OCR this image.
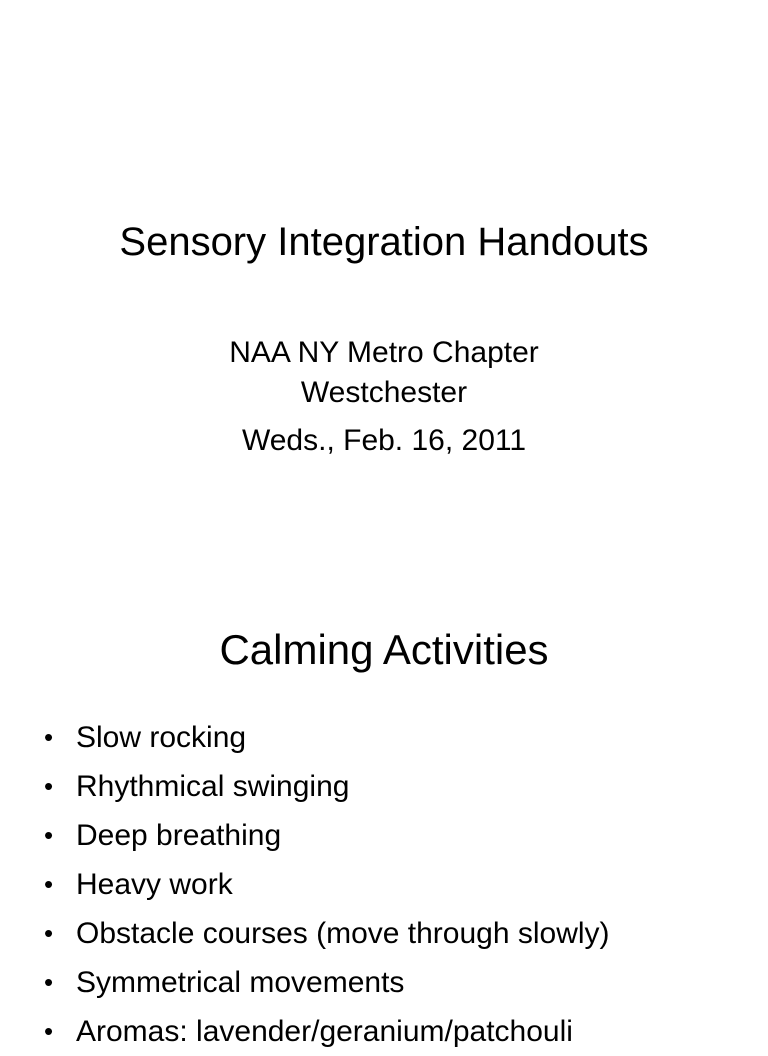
Sensory Integration Handouts
NAA NY Metro Chapter
Westchester
Weds., Feb. 16, 2011
Calming Activities
• Slow rocking
• Rhythmical swinging
• Deep breathing
• Heavy work
• Obstacle courses (move through slowly)
• Symmetrical movements
• Aromas: lavender/geranium/patchouli
